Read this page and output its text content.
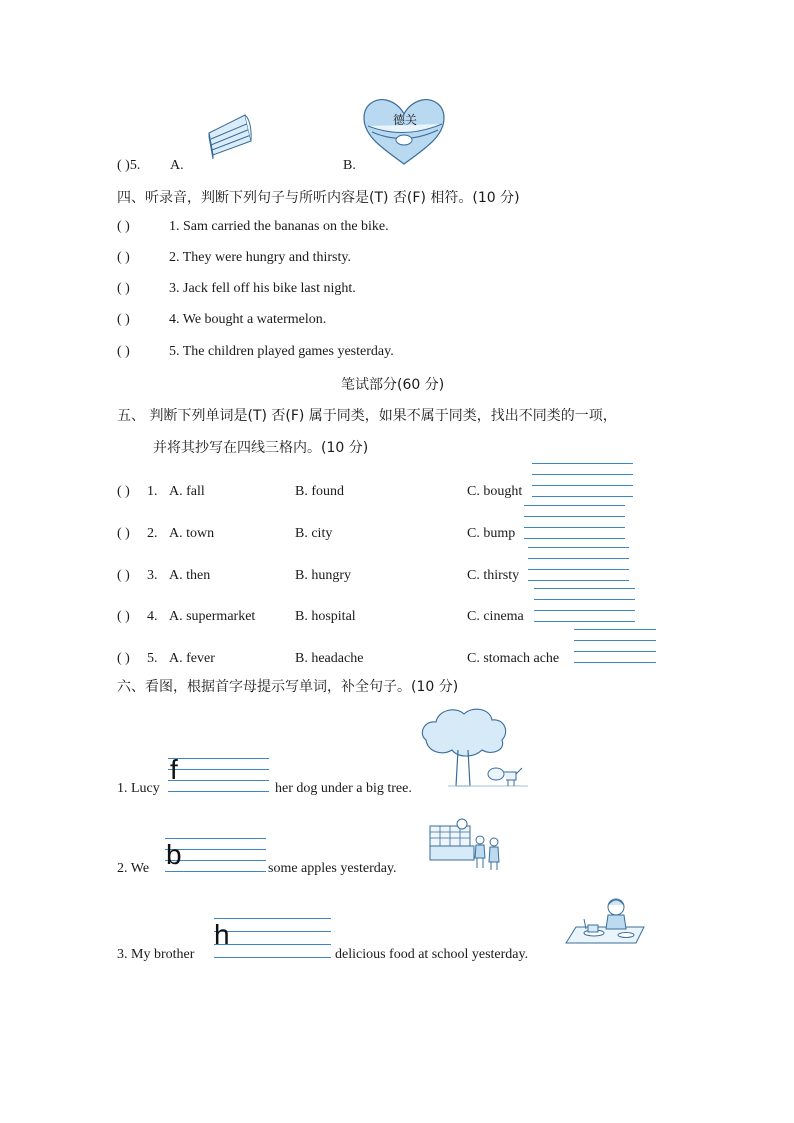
( )5. A.	B.
德关
四、听录音，判断下列句子与所听内容是(T) 否(F) 相符。(10 分)
( )	1. Sam carried the bananas on the bike.
( )	2. They were hungry and thirsty.
( )	3. Jack fell off his bike last night.
( )	4. We bought a watermelon.
( )	5. The children played games yesterday.
笔试部分(60 分)
五、 判断下列单词是(T) 否(F) 属于同类，如果不属于同类，找出不同类的一项，
并将其抄写在四线三格内。(10 分)
( ) 1. A. fall	B. found	C. bought
( ) 2. A. town	B. city	C. bump
( ) 3. A. then	B. hungry	C. thirsty
( ) 4. A. supermarket	B. hospital	C. cinema
( ) 5. A. fever	B. headache	C. stomach ache
六、看图，根据首字母提示写单词，补全句子。(10 分)
1. Lucy
f
her dog under a big tree.
2. We b	some apples yesterday.
3. My brother
h
delicious food at school yesterday.
